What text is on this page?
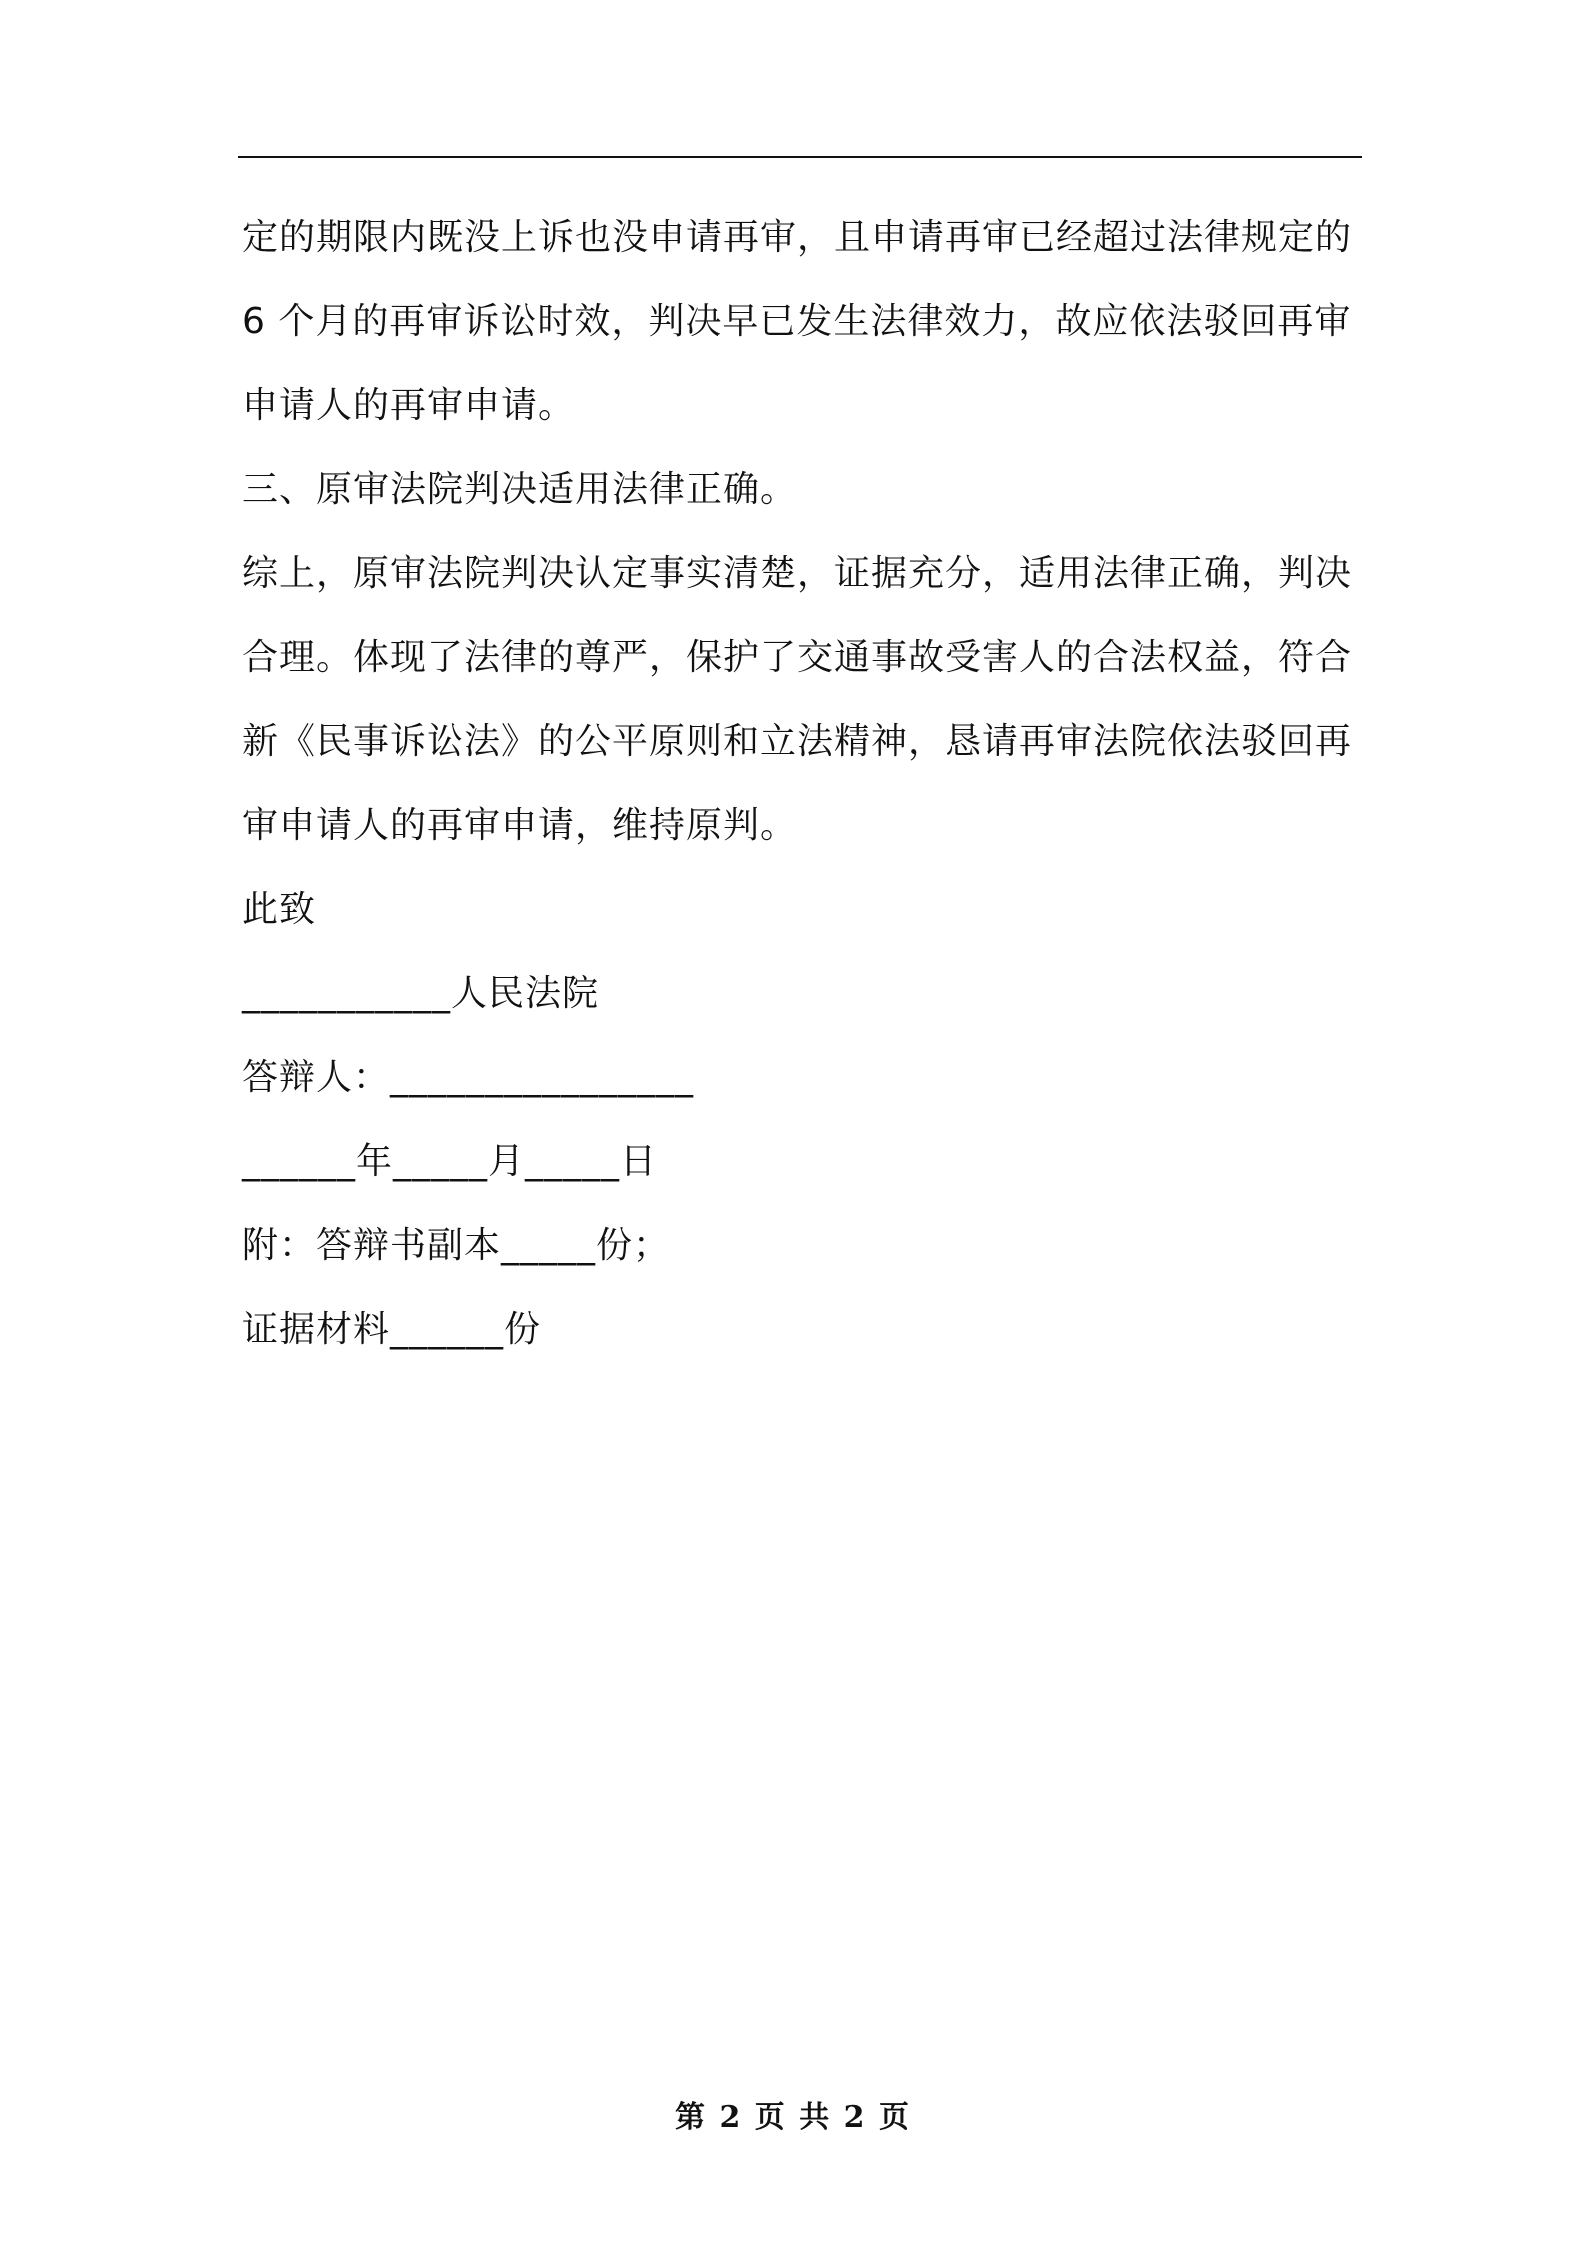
定的期限内既没上诉也没申请再审，且申请再审已经超过法律规定的
6 个月的再审诉讼时效，判决早已发生法律效力，故应依法驳回再审
申请人的再审申请。
三、原审法院判决适用法律正确。
综上，原审法院判决认定事实清楚，证据充分，适用法律正确，判决
合理。体现了法律的尊严，保护了交通事故受害人的合法权益，符合
新《民事诉讼法》的公平原则和立法精神，恳请再审法院依法驳回再
审申请人的再审申请，维持原判。
此致
___________人民法院
答辩人：________________
______年_____月_____日
附：答辩书副本_____份；
证据材料______份
第 2 页 共 2 页
